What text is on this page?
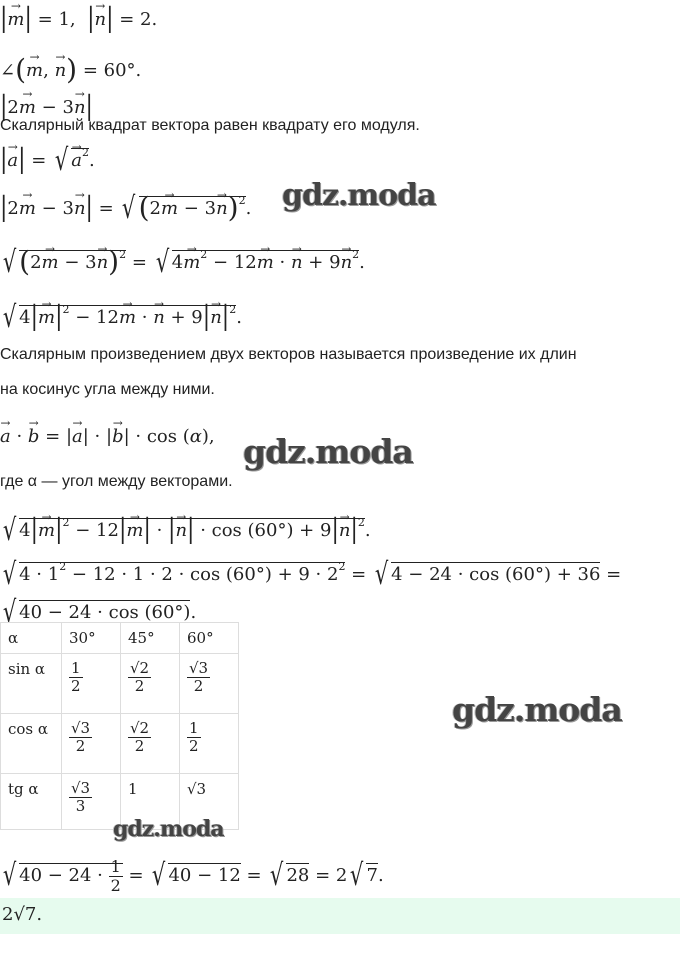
|→ m| = 1,  |→ n| = 2.
∠(→ m, → n) = 60°.
|2→ m − 3→ n|
Скалярный квадрат вектора равен квадрату его модуля.
|→ a| = √ → $a^2$.
|2→ m − 3→ n| = √ $(2\to m - 3\to n)^2$. gdz.moda
√ $(2\to m - 3\to n)^2$ = √ $4\to m^2 - 12\to m$ · → $n + 9\to n^2$.
√ $4|\to m|^2 - 12\to m$ · → $n + 9|\to n|^2$.
Скалярным произведением двух векторов называется произведение их длин
на косинус угла между ними.
→ a · → b = |→ a| · |→ b| · cos (α), gdz.moda
где α — угол между векторами.
√ $4|\to m|^2 - 12|\to m|$ · |→ $n| \cdot \cos (60^\circ) + 9|\to n|^2$.
√ $4 \cdot 1^2 - 12 \cdot 1 \cdot 2 \cdot \cos (60^\circ) + 9 \cdot 2^2$ = √ 4 − 24 · cos (60°) + 36 =
√ 40 − 24 · cos (60°).
α	30°	45°	60°
sin α	$\frac{1}{2}$	$\frac{√2}{2}$	$\frac{√3}{2}$

cos α	$\frac{√3}{2}$	$\frac{√2}{2}$	$\frac{1}{2}$

tg α	$\frac{√3}{3}$	1	√3
gdz.moda
gdz.moda
√ $40 - 24 \cdot \frac{1}{2}$ = √ 40 − 12 = √ 28 = 2√ 7.
2√7.
